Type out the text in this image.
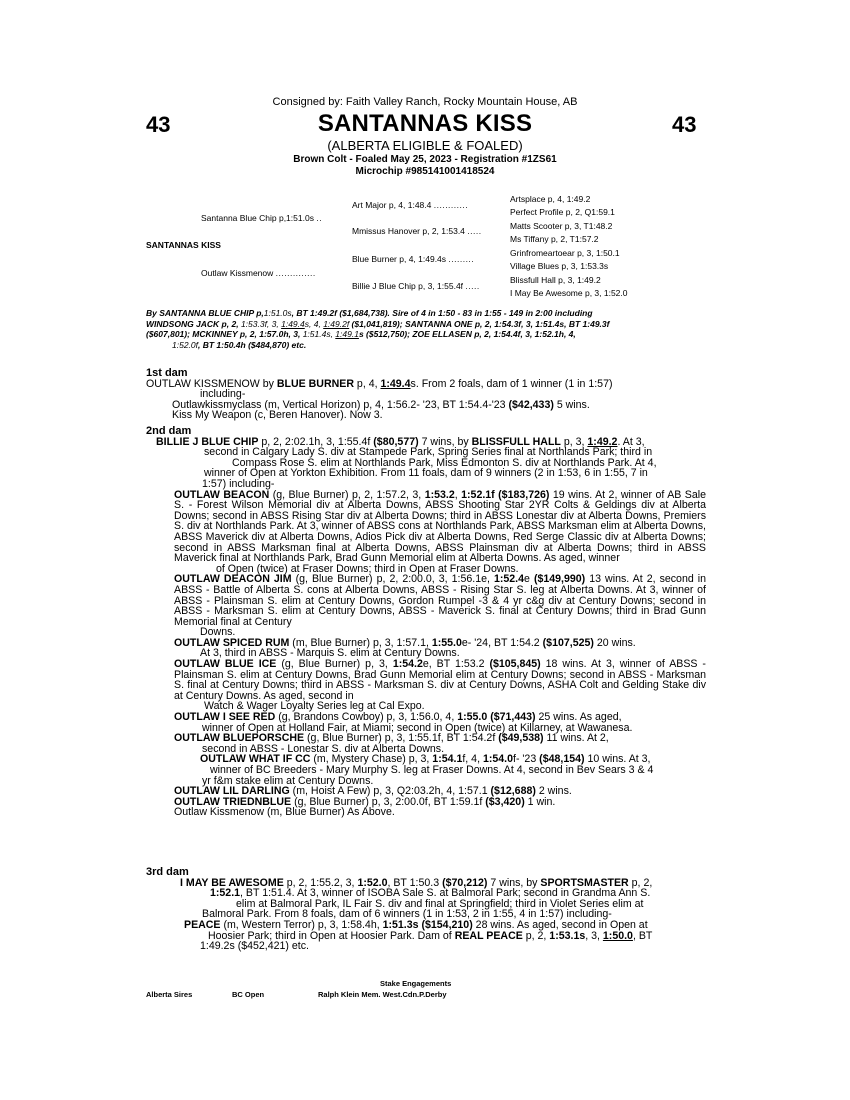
Consigned by: Faith Valley Ranch, Rocky Mountain House, AB
43	43
SANTANNAS KISS
(ALBERTA ELIGIBLE & FOALED)
Brown Colt - Foaled May 25, 2023 - Registration #1ZS61
Microchip #985141001418524
SANTANNAS KISS
Santanna Blue Chip p,1:51.0s ..
Outlaw Kissmenow ..............
Art Major p, 4, 1:48.4 ............
Mmissus Hanover p, 2, 1:53.4 .....
Blue Burner p, 4, 1:49.4s .........
Billie J Blue Chip p, 3, 1:55.4f .....
Artsplace p, 4, 1:49.2
Perfect Profile p, 2, Q1:59.1
Matts Scooter p, 3, T1:48.2
Ms Tiffany p, 2, T1:57.2
Grinfromeartoear p, 3, 1:50.1
Village Blues p, 3, 1:53.3s
Blissfull Hall p, 3, 1:49.2
I May Be Awesome p, 3, 1:52.0
By SANTANNA BLUE CHIP p,1:51.0s, BT 1:49.2f ($1,684,738). Sire of 4 in 1:50 - 83 in 1:55 - 149 in 2:00 including
WINDSONG JACK p, 2, 1:53.3f, 3, 1:49.4s, 4, 1:49.2f ($1,041,819); SANTANNA ONE p, 2, 1:54.3f, 3, 1:51.4s, BT 1:49.3f
($607,801); MCKINNEY p, 2, 1:57.0h, 3, 1:51.4s, 1:49.1s ($512,750); ZOE ELLASEN p, 2, 1:54.4f, 3, 1:52.1h, 4,
1:52.0f, BT 1:50.4h ($484,870) etc.

1st dam

OUTLAW KISSMENOW by BLUE BURNER p, 4, 1:49.4s. From 2 foals, dam of 1 winner (1 in 1:57)

including-

Outlawkissmyclass (m, Vertical Horizon) p, 4, 1:56.2- '23, BT 1:54.4-'23 ($42,433) 5 wins.

Kiss My Weapon (c, Beren Hanover). Now 3.

2nd dam

BILLIE J BLUE CHIP p, 2, 2:02.1h, 3, 1:55.4f ($80,577) 7 wins, by BLISSFULL HALL p, 3, 1:49.2. At 3,

second in Calgary Lady S. div at Stampede Park, Spring Series final at Northlands Park; third in

Compass Rose S. elim at Northlands Park, Miss Edmonton S. div at Northlands Park. At 4,

winner of Open at Yorkton Exhibition. From 11 foals, dam of 9 winners (2 in 1:53, 6 in 1:55, 7 in

1:57) including-

OUTLAW BEACON (g, Blue Burner) p, 2, 1:57.2, 3, 1:53.2, 1:52.1f ($183,726) 19 wins. At 2, winner of AB Sale S. - Forest Wilson Memorial div at Alberta Downs, ABSS Shooting Star 2YR Colts & Geldings div at Alberta Downs; second in ABSS Rising Star div at Alberta Downs; third in ABSS Lonestar div at Alberta Downs, Premiers S. div at Northlands Park. At 3, winner of ABSS cons at Northlands Park, ABSS Marksman elim at Alberta Downs, ABSS Maverick div at Alberta Downs, Adios Pick div at Alberta Downs, Red Serge Classic div at Alberta Downs; second in ABSS Marksman final at Alberta Downs, ABSS Plainsman div at Alberta Downs; third in ABSS Maverick final at Northlands Park, Brad Gunn Memorial elim at Alberta Downs. As aged, winner

of Open (twice) at Fraser Downs; third in Open at Fraser Downs.

OUTLAW DEACON JIM (g, Blue Burner) p, 2, 2:00.0, 3, 1:56.1e, 1:52.4e ($149,990) 13 wins. At 2, second in ABSS - Battle of Alberta S. cons at Alberta Downs, ABSS - Rising Star S. leg at Alberta Downs. At 3, winner of ABSS - Plainsman S. elim at Century Downs, Gordon Rumpel -3 & 4 yr c&g div at Century Downs; second in ABSS - Marksman S. elim at Century Downs, ABSS - Maverick S. final at Century Downs; third in Brad Gunn Memorial final at Century

Downs.

OUTLAW SPICED RUM (m, Blue Burner) p, 3, 1:57.1, 1:55.0e- '24, BT 1:54.2 ($107,525) 20 wins.

At 3, third in ABSS - Marquis S. elim at Century Downs.

OUTLAW BLUE ICE (g, Blue Burner) p, 3, 1:54.2e, BT 1:53.2 ($105,845) 18 wins. At 3, winner of ABSS - Plainsman S. elim at Century Downs, Brad Gunn Memorial elim at Century Downs; second in ABSS - Marksman S. final at Century Downs; third in ABSS - Marksman S. div at Century Downs, ASHA Colt and Gelding Stake div at Century Downs. As aged, second in

Watch & Wager Loyalty Series leg at Cal Expo.

OUTLAW I SEE RED (g, Brandons Cowboy) p, 3, 1:56.0, 4, 1:55.0 ($71,443) 25 wins. As aged,

winner of Open at Holland Fair, at Miami; second in Open (twice) at Killarney, at Wawanesa.

OUTLAW BLUEPORSCHE (g, Blue Burner) p, 3, 1:55.1f, BT 1:54.2f ($49,538) 11 wins. At 2,

second in ABSS - Lonestar S. div at Alberta Downs.

OUTLAW WHAT IF CC (m, Mystery Chase) p, 3, 1:54.1f, 4, 1:54.0f- '23 ($48,154) 10 wins. At 3,

winner of BC Breeders - Mary Murphy S. leg at Fraser Downs. At 4, second in Bev Sears 3 & 4

yr f&m stake elim at Century Downs.

OUTLAW LIL DARLING (m, Hoist A Few) p, 3, Q2:03.2h, 4, 1:57.1 ($12,688) 2 wins.

OUTLAW TRIEDNBLUE (g, Blue Burner) p, 3, 2:00.0f, BT 1:59.1f ($3,420) 1 win.

Outlaw Kissmenow (m, Blue Burner) As Above.

3rd dam

I MAY BE AWESOME p, 2, 1:55.2, 3, 1:52.0, BT 1:50.3 ($70,212) 7 wins, by SPORTSMASTER p, 2,

1:52.1, BT 1:51.4. At 3, winner of ISOBA Sale S. at Balmoral Park; second in Grandma Ann S.

elim at Balmoral Park, IL Fair S. div and final at Springfield; third in Violet Series elim at

Balmoral Park. From 8 foals, dam of 6 winners (1 in 1:53, 2 in 1:55, 4 in 1:57) including-

PEACE (m, Western Terror) p, 3, 1:58.4h, 1:51.3s ($154,210) 28 wins. As aged, second in Open at

Hoosier Park; third in Open at Hoosier Park. Dam of REAL PEACE p, 2, 1:53.1s, 3, 1:50.0, BT

1:49.2s ($452,421) etc.

Stake Engagements
Alberta Sires	BC Open	Ralph Klein Mem. West.Cdn.P.Derby
